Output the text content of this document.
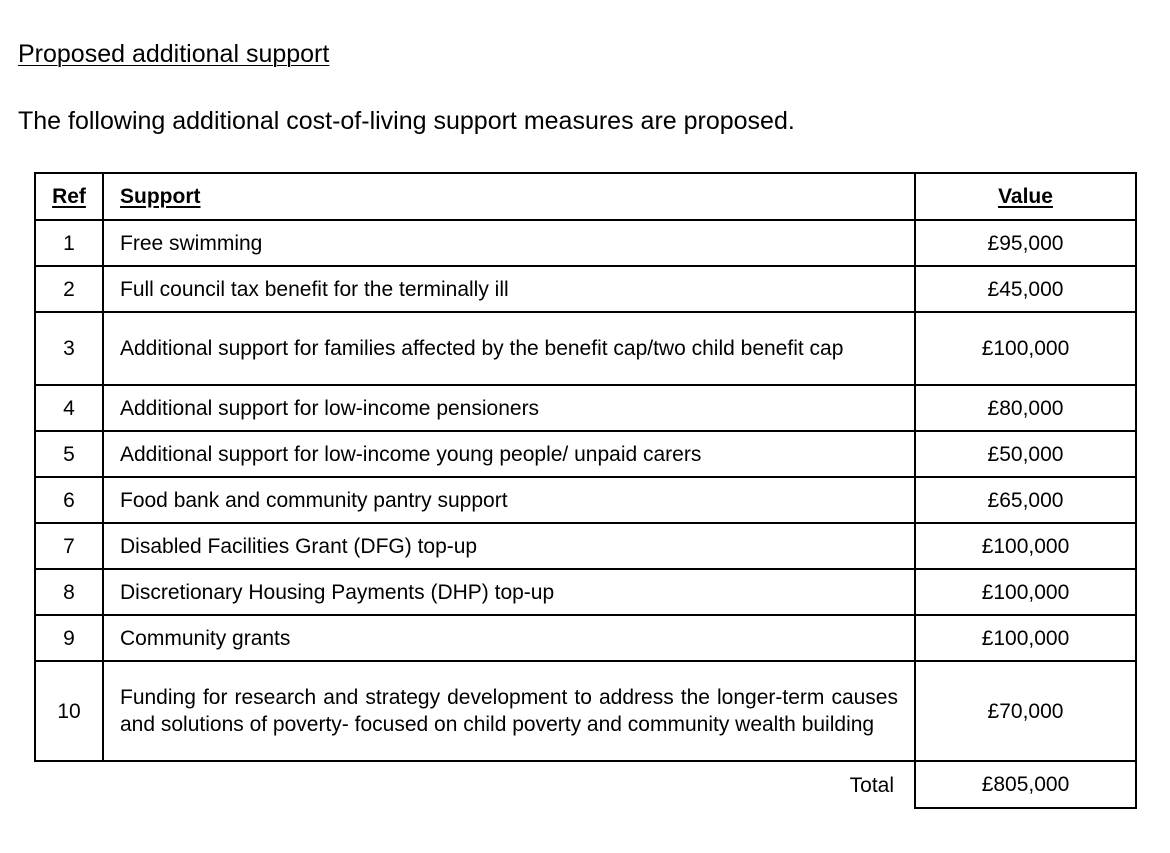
Proposed additional support

The following additional cost-of-living support measures are proposed.

Ref	Support	Value
1	Free swimming	£95,000
2	Full council tax benefit for the terminally ill	£45,000
3	Additional support for families affected by the benefit cap/two child benefit cap	£100,000
4	Additional support for low-income pensioners	£80,000
5	Additional support for low-income young people/ unpaid carers	£50,000
6	Food bank and community pantry support	£65,000
7	Disabled Facilities Grant (DFG) top-up	£100,000
8	Discretionary Housing Payments (DHP) top-up	£100,000
9	Community grants	£100,000
10	Funding for research and strategy development to address the longer-term causes and solutions of poverty- focused on child poverty and community wealth building	£70,000
Total		£805,000
